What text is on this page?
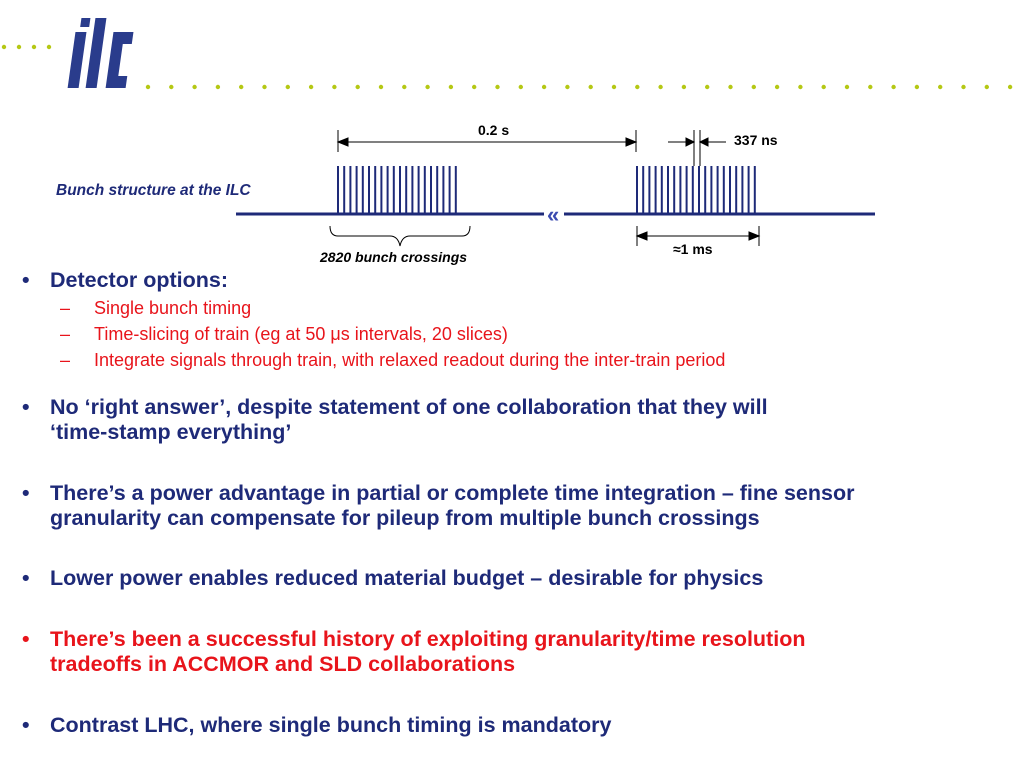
«
0.2 s
337 ns
Bunch structure at the ILC
2820 bunch crossings	≈1 ms
• Detector options:
– Single bunch timing
– Time-slicing of train (eg at 50 μs intervals, 20 slices)
– Integrate signals through train, with relaxed readout during the inter-train period
• No ‘right answer’, despite statement of one collaboration that they will
‘time-stamp everything’
• There’s a power advantage in partial or complete time integration – fine sensor
granularity can compensate for pileup from multiple bunch crossings
• Lower power enables reduced material budget – desirable for physics
• There’s been a successful history of exploiting granularity/time resolution
tradeoffs in ACCMOR and SLD collaborations
• Contrast LHC, where single bunch timing is mandatory
